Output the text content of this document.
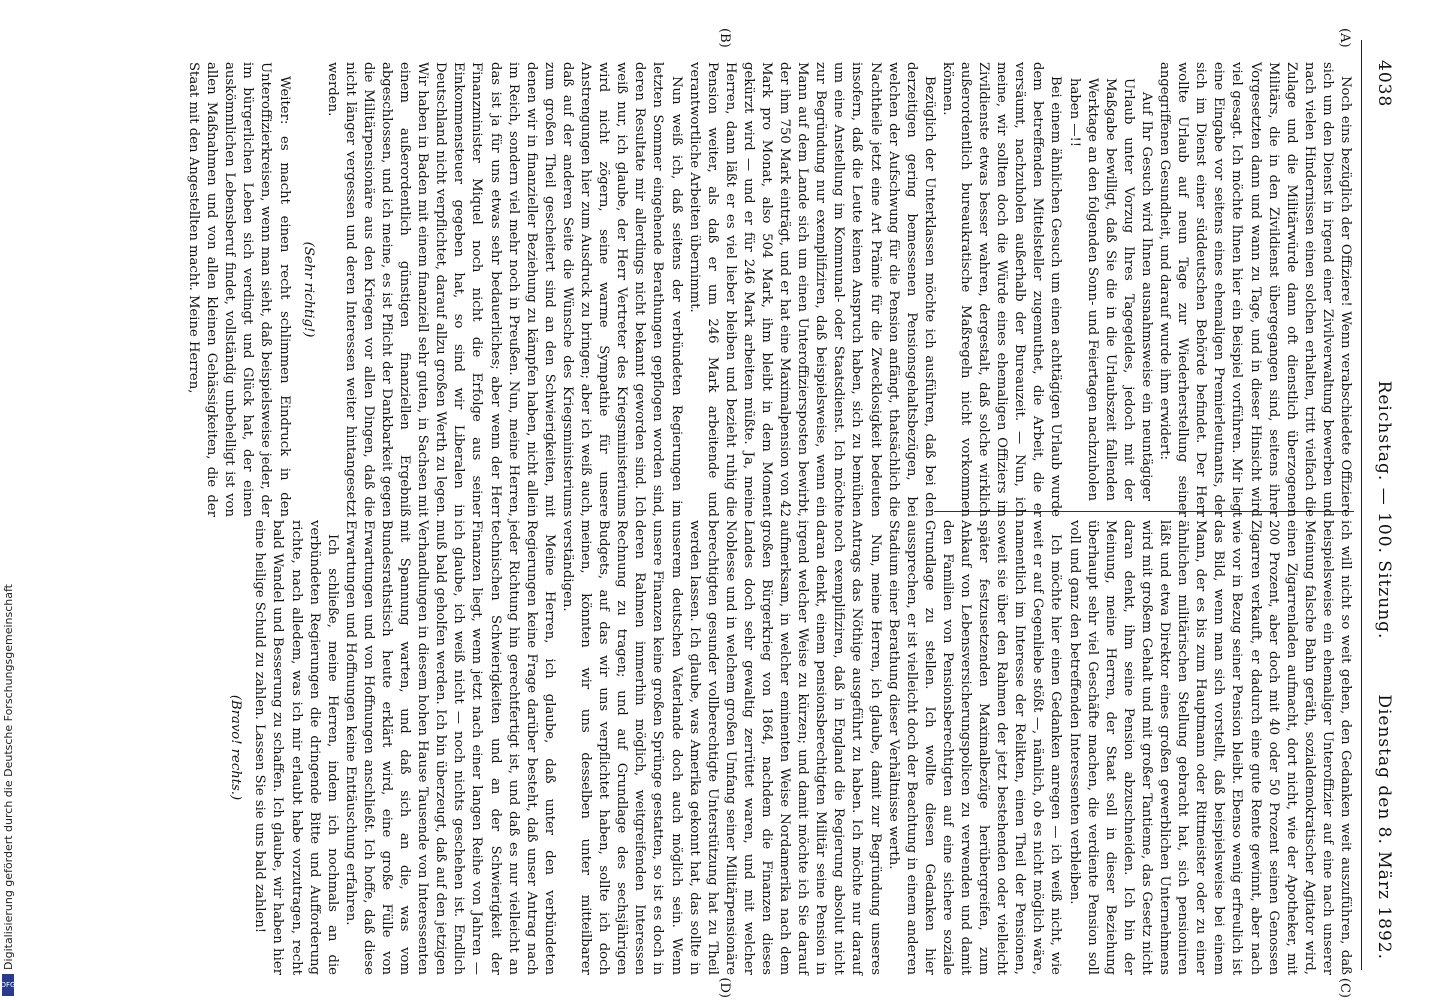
4038
Reichstag. — 100. Sitzung.
Dienstag den 8. März 1892.
(A)
(B)
(C)
(D)

Noch eins bezüglich der Offiziere! Wenn verabschiedete Offiziere sich um den Dienst in irgend einer Zivilverwaltung bewerben und nach vielen Hindernissen einen solchen erhalten, tritt vielfach die Zulage und die Militärwürde dann oft dienstlich überzogenen Militärs, die in den Zivildienst übergegangen sind, seitens ihrer Vorgesetzten dann und wann zu Tage, und in dieser Hinsicht wird viel gesagt. Ich möchte Ihnen hier ein Beispiel vorführen. Mir liegt eine Eingabe vor seitens eines ehemaligen Premierleutnants, der sich im Dienst einer süddeutschen Behörde befindet. Der Herr wollte Urlaub auf neun Tage zur Wiederherstellung seiner angegriffenen Gesundheit, und darauf wurde ihm erwidert:

Auf Ihr Gesuch wird Ihnen ausnahmsweise ein neuntägiger Urlaub unter Vorzug Ihres Tagegeldes, jedoch mit der Maßgabe bewilligt, daß Sie die in die Urlaubszeit fallenden Werktage an den folgenden Sonn- und Feiertagen nachzuholen haben —!!

Bei einem ähnlichen Gesuch um einen achttägigen Urlaub wurde dem betreffenden Mittelsteller zugemuthet, die Arbeit, die er versäumt, nachzuholen außerhalb der Bureauzeit. — Nun, ich meine, wir sollten doch die Würde eines ehemaligen Offiziers im Zivildienste etwas besser wahren, dergestalt, daß solche wirklich außerordentlich bureaukratische Maßregeln nicht vorkommen können.

Bezüglich der Unterklassen möchte ich ausführen, daß bei den derzeitigen gering bemessenen Pensionsgehaltsbezügen, bei welchen der Aufschwung für die Pension anfängt, thatsächlich die Nachtheile jetzt eine Art Prämie für die Zwecklosigkeit bedeuten insofern, daß die Leute keinen Anspruch haben, sich zu bemühen um eine Anstellung im Kommunal- oder Staatsdienst. Ich möchte zur Begründung nur exemplifiziren, daß beispielsweise, wenn ein Mann auf dem Lande sich um einen Unteroffiziersposten bewirbt, der ihm 750 Mark einträgt, und er hat eine Maximalpension von 42 Mark pro Monat, also 504 Mark, ihm bleibt in dem Moment gekürzt wird — und er für 246 Mark arbeiten müßte. Ja, meine Herren, dann läßt er es viel lieber bleiben und bezieht ruhig die Pension weiter, als daß er um 246 Mark arbeitende und verantwortliche Arbeiten übernimmt.

Nun weiß ich, daß seitens der verbündeten Regierungen im letzten Sommer eingehende Berathungen gepflogen worden sind, deren Resultate mir allerdings nicht bekannt geworden sind. Ich weiß nur, ich glaube, der Herr Vertreter des Kriegsministeriums wird nicht zögern, seine warme Sympathie für unsere Anstrengungen hier zum Ausdruck zu bringen; aber ich weiß auch, daß auf der anderen Seite die Wünsche des Kriegsministeriums zum großen Theil gescheitert sind an den Schwierigkeiten, mit denen wir in finanzieller Beziehung zu kämpfen haben, nicht allein im Reich, sondern viel mehr noch in Preußen. Nun, meine Herren, das ist ja für uns etwas sehr bedauerliches; aber wenn der Herr Finanzminister Miquel noch nicht die Erfolge aus seiner Einkommensteuer gegeben hat, so sind wir Liberalen in Deutschland nicht verpflichtet, darauf allzu großen Werth zu legen. Wir haben in Baden mit einem finanziell sehr guten, in Sachsen mit einem außerordentlich günstigen finanziellen Ergebniß abgeschlossen, und ich meine, es ist Pflicht der Dankbarkeit gegen die Militärpensionäre aus den Kriegen vor allen Dingen, daß die nicht länger vergessen und deren Interessen weiter hintangesetzt werden.

(Sehr richtig!)

Weiter: es macht einen recht schlimmen Eindruck in den Unteroffizierkreisen, wenn man sieht, daß beispielsweise jeder, der im bürgerlichen Leben sich verdingt und Glück hat, der einen auskömmlichen Lebensberuf findet, vollständig unbehelligt ist von allen Maßnahmen und von allen kleinen Gehässigkeiten, die der Staat mit den Angestellten macht. Meine Herren,

ich will nicht so weit gehen, den Gedanken weit auszuführen, daß beispielsweise ein ehemaliger Unteroffizier auf eine nach unserer Meinung falsche Bahn geräth, sozialdemokratischer Agitator wird, einen Zigarrenladen aufmacht, dort nicht, wie der Apotheker, mit 200 Prozent, aber doch mit 40 oder 50 Prozent seinen Genossen Zigarren verkauft, er dadurch eine gute Rente gewinnt, aber nach wie vor in Bezug seiner Pension bleibt. Ebenso wenig erfreulich ist das Bild, wenn man sich vorstellt, daß beispielsweise bei einem Mann, der es bis zum Hauptmann oder Rittmeister oder zu einer ähnlichen militärischen Stellung gebracht hat, sich pensioniren läßt und etwa Direktor eines großen gewerblichen Unternehmens wird mit großem Gehalt und mit großer Tantieme, das Gesetz nicht daran denkt, ihm seine Pension abzuschneiden. Ich bin der Meinung, meine Herren, der Staat soll in dieser Beziehung überhaupt sehr viel Geschäfte machen, die verdiente Pension soll voll und ganz den betreffenden Interessenten verbleiben.

Ich möchte hier einen Gedanken anregen — ich weiß nicht, wie weit er auf Gegenliebe stößt —, nämlich, ob es nicht möglich wäre, namentlich im Interesse der Relikten, einen Theil der Pensionen, soweit sie über den Rahmen der jetzt bestehenden oder vielleicht später festzusetzenden Maximalbezüge herübergreifen, zum Ankauf von Lebensversicherungspolicen zu verwenden und damit den Familien von Pensionsberechtigten auf eine sichere soziale Grundlage zu stellen. Ich wollte diesen Gedanken hier aussprechen, er ist vielleicht doch der Beachtung in einem anderen Stadium einer Berathung dieser Verhältnisse werth.

Nun, meine Herren, ich glaube, damit zur Begründung unseres Antrags das Nöthige ausgeführt zu haben. Ich möchte nur darauf noch exemplifiziren, daß in England die Regierung absolut nicht daran denkt, einem pensionsberechtigten Militär seine Pension in irgend welcher Weise zu kürzen; und damit möchte ich Sie darauf aufmerksam, in welcher eminenten Weise Nordamerika nach dem großen Bürgerkrieg von 1864, nachdem die Finanzen dieses Landes doch sehr gewaltig zerrüttet waren, und mit welcher Noblesse und in welchem großen Umfang seiner Militärpensionäre berechtigten gesunder vollberechtigte Unterstützung hat zu Theil werden lassen. Ich glaube, was Amerika gekonnt hat, das sollte in unserem deutschen Vaterlande doch auch möglich sein. Wenn unsere Finanzen keine großen Sprünge gestatten, so ist es doch in deren Rahmen immerhin möglich, weitgreifenden Interessen Rechnung zu tragen; und auf Grundlage des sechsjährigen Budgets, auf das wir uns verpflichtet haben, sollte ich doch meinen, könnten wir uns desselben unter mitteilbarer verständigen.

Meine Herren, ich glaube, daß unter den verbündeten Regierungen keine Frage darüber besteht, daß unser Antrag nach jeder Richtung hin gerechtfertigt ist, und daß es nur vielleicht an technischen Schwierigkeiten und an der Schwierigkeit der Finanzen liegt, wenn jetzt nach einer langen Reihe von Jahren — ich glaube, ich weiß nicht — noch nichts geschehen ist. Endlich muß bald geholfen werden. Ich bin überzeugt, daß auf den jetzigen Verhandlungen in diesem hohen Hause Tausende von Interessenten mit Spannung warten, und daß sich an die, was vom Bundesrathstisch heute erklärt wird, eine große Fülle von Erwartungen und von Hoffnungen anschließt. Ich hoffe, daß diese Erwartungen und Hoffnungen keine Enttäuschung erfahren.

Ich schließe, meine Herren, indem ich nochmals an die verbündeten Regierungen die dringende Bitte und Aufforderung richte, nach alledem, was ich mir erlaubt habe vorzutragen, recht bald Wandel und Besserung zu schaffen. Ich glaube, wir haben hier eine heilige Schuld zu zahlen. Lassen Sie sie uns bald zahlen!

(Bravo! rechts.)

Digitalisierung gefördert durch die Deutsche Forschungsgemeinschaft
DFG
